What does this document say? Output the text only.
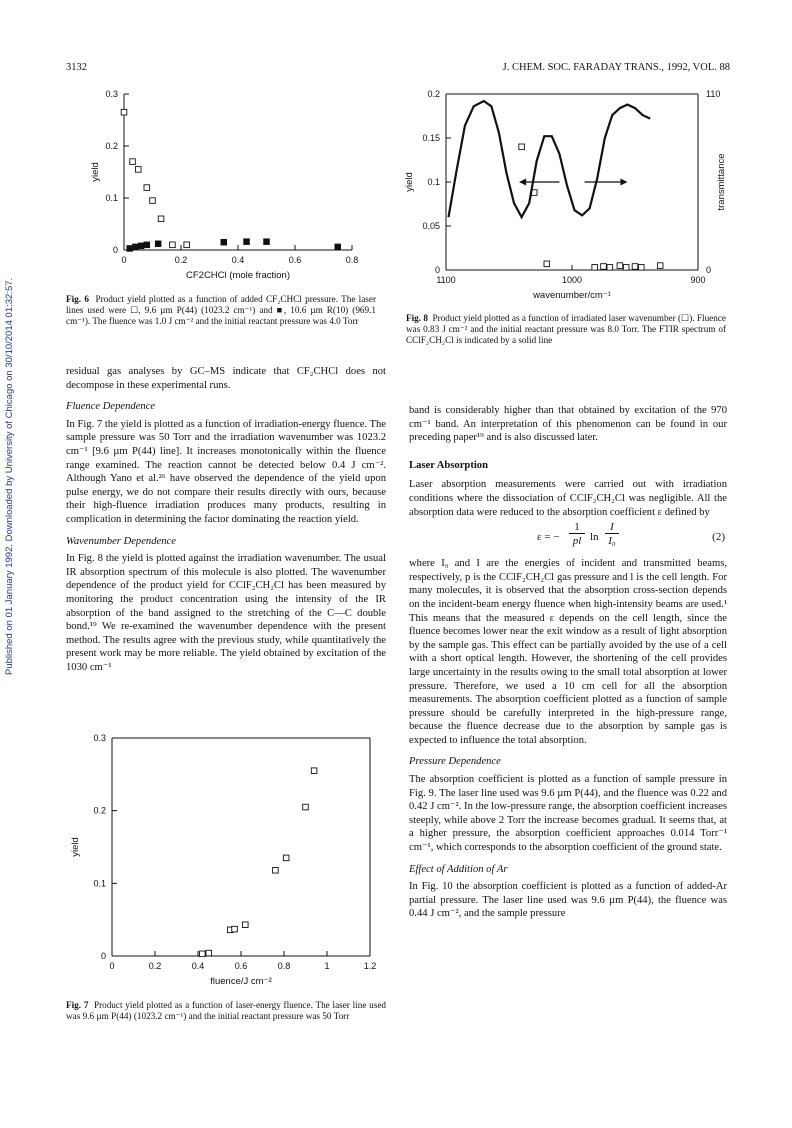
3132	J. CHEM. SOC. FARADAY TRANS., 1992, VOL. 88
Published on 01 January 1992. Downloaded by University of Chicago on 30/10/2014 01:32:57.
0	0.2	0.4	0.6	0.8
0
0.1
0.2
0.3
CF2CHCl (mole fraction)
yield
Fig. 6 Product yield plotted as a function of added CF₂CHCl pressure. The laser lines used were ☐, 9.6 µm P(44) (1023.2 cm⁻¹) and ■, 10.6 µm R(10) (969.1 cm⁻¹). The fluence was 1.0 J cm⁻² and the initial reactant pressure was 4.0 Torr
1100	1000	900
0
0.05
0.1
0.15
0.2
wavenumber/cm⁻¹
yield
110
0
transmittance
Fig. 8 Product yield plotted as a function of irradiated laser wavenumber (☐). Fluence was 0.83 J cm⁻² and the initial reactant pressure was 8.0 Torr. The FTIR spectrum of CClF₂CH₂Cl is indicated by a solid line

residual gas analyses by GC–MS indicate that CF₂CHCl does not decompose in these experimental runs.

Fluence Dependence

In Fig. 7 the yield is plotted as a function of irradiation-energy fluence. The sample pressure was 50 Torr and the irradiation wavenumber was 1023.2 cm⁻¹ [9.6 µm P(44) line]. It increases monotonically within the fluence range examined. The reaction cannot be detected below 0.4 J cm⁻². Although Yano et al.²⁶ have observed the dependence of the yield upon pulse energy, we do not compare their results directly with ours, because their high-fluence irradiation produces many products, resulting in complication in determining the factor dominating the reaction yield.

Wavenumber Dependence

In Fig. 8 the yield is plotted against the irradiation wavenumber. The usual IR absorption spectrum of this molecule is also plotted. The wavenumber dependence of the product yield for CClF₂CH₂Cl has been measured by monitoring the product concentration using the intensity of the IR absorption of the band assigned to the stretching of the C—C double bond.¹⁹ We re-examined the wavenumber dependence with the present method. The results agree with the previous study, while quantitatively the present work may be more reliable. The yield obtained by excitation of the 1030 cm⁻¹

0	0.2	0.4	0.6	0.8	1	1.2
0
0.1
0.2
0.3
fluence/J cm⁻²
yield
Fig. 7 Product yield plotted as a function of laser-energy fluence. The laser line used was 9.6 µm P(44) (1023.2 cm⁻¹) and the initial reactant pressure was 50 Torr

band is considerably higher than that obtained by excitation of the 970 cm⁻¹ band. An interpretation of this phenomenon can be found in our preceding paper¹⁹ and is also discussed later.

Laser Absorption

Laser absorption measurements were carried out with irradiation conditions where the dissociation of CClF₂CH₂Cl was negligible. All the absorption data were reduced to the absorption coefficient ε defined by

ε = −
1
pl ln
I
I₀	(2)

where I₀ and I are the energies of incident and transmitted beams, respectively, p is the CClF₂CH₂Cl gas pressure and l is the cell length. For many molecules, it is observed that the absorption cross-section depends on the incident-beam energy fluence when high-intensity beams are used.¹ This means that the measured ε depends on the cell length, since the fluence becomes lower near the exit window as a result of light absorption by the sample gas. This effect can be partially avoided by the use of a cell with a short optical length. However, the shortening of the cell provides large uncertainty in the results owing to the small total absorption at lower pressure. Therefore, we used a 10 cm cell for all the absorption measurements. The absorption coefficient plotted as a function of sample pressure should be carefully interpreted in the high-pressure range, because the fluence decrease due to the absorption by sample gas is expected to influence the total absorption.

Pressure Dependence

The absorption coefficient is plotted as a function of sample pressure in Fig. 9. The laser line used was 9.6 µm P(44), and the fluence was 0.22 and 0.42 J cm⁻². In the low-pressure range, the absorption coefficient increases steeply, while above 2 Torr the increase becomes gradual. It seems that, at a higher pressure, the absorption coefficient approaches 0.014 Torr⁻¹ cm⁻¹, which corresponds to the absorption coefficient of the ground state.

Effect of Addition of Ar

In Fig. 10 the absorption coefficient is plotted as a function of added-Ar partial pressure. The laser line used was 9.6 µm P(44), the fluence was 0.44 J cm⁻², and the sample pressure
